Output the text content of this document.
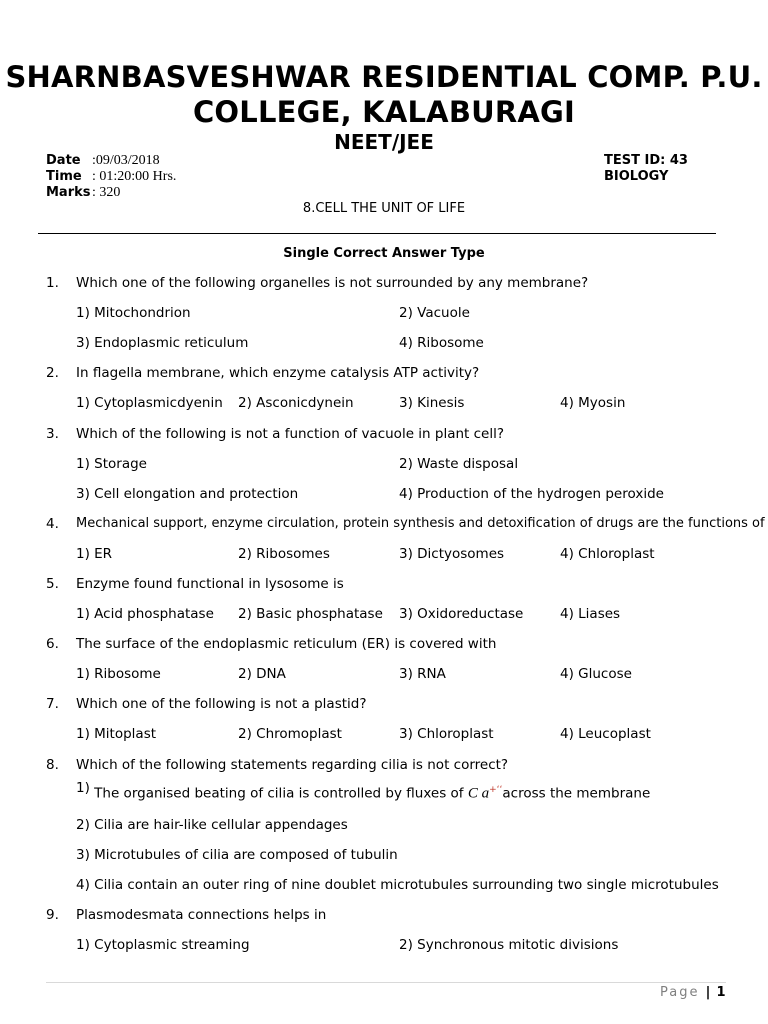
SHARNBASVESHWAR RESIDENTIAL COMP. P.U.
COLLEGE, KALABURAGI
NEET/JEE
Date :09/03/2018
Time : 01:20:00 Hrs.
Marks: 320
TEST ID: 43
BIOLOGY
8.CELL THE UNIT OF LIFE
Single Correct Answer Type
1. Which one of the following organelles is not surrounded by any membrane?
1) Mitochondrion	2) Vacuole
3) Endoplasmic reticulum	4) Ribosome
2. In flagella membrane, which enzyme catalysis ATP activity?
1) Cytoplasmicdyenin 2) Asconicdynein	3) Kinesis	4) Myosin
3. Which of the following is not a function of vacuole in plant cell?
1) Storage	2) Waste disposal
3) Cell elongation and protection	4) Production of the hydrogen peroxide
4. Mechanical support, enzyme circulation, protein synthesis and detoxification of drugs are the functions of
1) ER	2) Ribosomes	3) Dictyosomes	4) Chloroplast
5. Enzyme found functional in lysosome is
1) Acid phosphatase 2) Basic phosphatase 3) Oxidoreductase	4) Liases
6. The surface of the endoplasmic reticulum (ER) is covered with
1) Ribosome	2) DNA	3) RNA	4) Glucose
7. Which one of the following is not a plastid?
1) Mitoplast	2) Chromoplast	3) Chloroplast	4) Leucoplast
8. Which of the following statements regarding cilia is not correct?
1) The organised beating of cilia is controlled by fluxes of C a+‘‘across the membrane
2) Cilia are hair-like cellular appendages
3) Microtubules of cilia are composed of tubulin
4) Cilia contain an outer ring of nine doublet microtubules surrounding two single microtubules
9. Plasmodesmata connections helps in
1) Cytoplasmic streaming	2) Synchronous mitotic divisions
Page | 1
